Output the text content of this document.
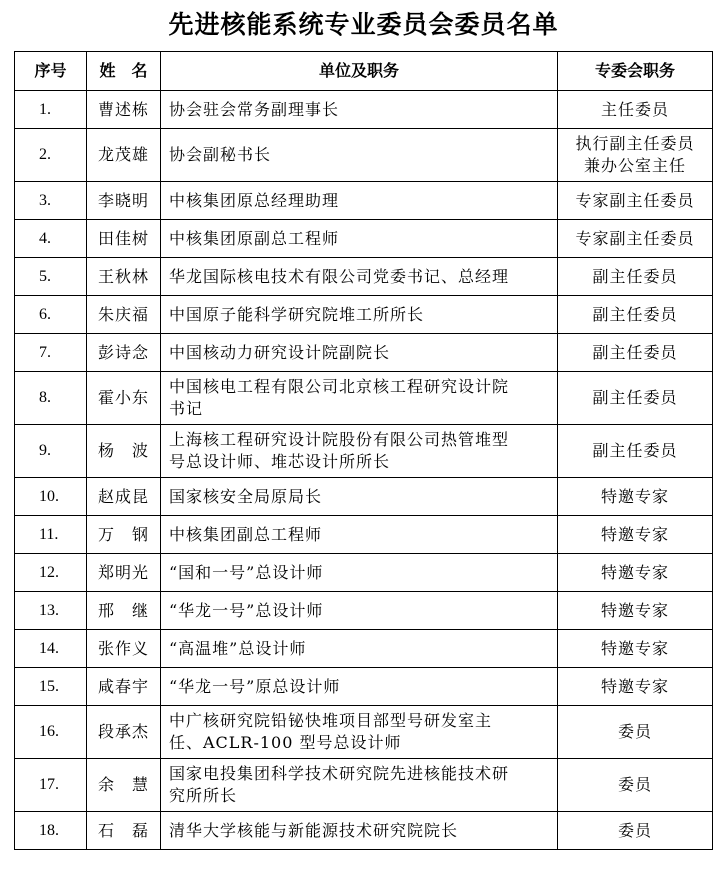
先进核能系统专业委员会委员名单
序号	姓　名	单位及职务	专委会职务
1.	曹述栋	协会驻会常务副理事长	主任委员

2.	龙茂雄	协会副秘书长	执行副主任委员
兼办公室主任

3.	李晓明	中核集团原总经理助理	专家副主任委员

4.	田佳树	中核集团原副总工程师	专家副主任委员

5.	王秋林	华龙国际核电技术有限公司党委书记、总经理	副主任委员

6.	朱庆福	中国原子能科学研究院堆工所所长	副主任委员

7.	彭诗念	中国核动力研究设计院副院长	副主任委员

8.	霍小东	中国核电工程有限公司北京核工程研究设计院
书记	副主任委员

9.	杨　波	上海核工程研究设计院股份有限公司热管堆型
号总设计师、堆芯设计所所长	副主任委员

10.	赵成昆	国家核安全局原局长	特邀专家

11.	万　钢	中核集团副总工程师	特邀专家

12.	郑明光	“国和一号”总设计师	特邀专家

13.	邢　继	“华龙一号”总设计师	特邀专家

14.	张作义	“高温堆”总设计师	特邀专家

15.	咸春宇	“华龙一号”原总设计师	特邀专家

16.	段承杰	中广核研究院铅铋快堆项目部型号研发室主
任、ACLR-100 型号总设计师	委员

17.	余　慧	国家电投集团科学技术研究院先进核能技术研
究所所长	委员

18.	石　磊	清华大学核能与新能源技术研究院院长	委员
